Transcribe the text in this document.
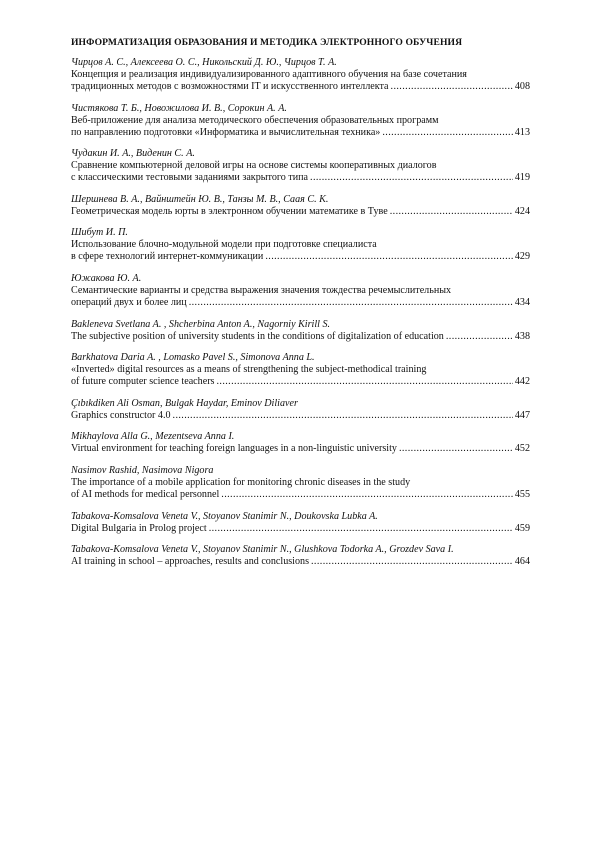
ИНФОРМАТИЗАЦИЯ ОБРАЗОВАНИЯ И МЕТОДИКА ЭЛЕКТРОННОГО ОБУЧЕНИЯ
Чирцов А. С., Алексеева О. С., Никольский Д. Ю., Чирцов Т. А.
Концепция и реализация индивидуализированного адаптивного обучения на базе сочетания
традиционных методов с возможностями IT и искусственного интеллекта .....	408
Чистякова Т. Б., Новожилова И. В., Сорокин А. А.
Веб-приложение для анализа методического обеспечения образовательных программ
по направлению подготовки «Информатика и вычислительная техника» .....	413
Чудакин И. А., Виденин С. А.
Сравнение компьютерной деловой игры на основе системы кооперативных диалогов
с классическими тестовыми заданиями закрытого типа .....	419
Шершнева В. А., Вайнштейн Ю. В., Танзы М. В., Саая С. К.
Геометрическая модель юрты в электронном обучении математике в Туве .....	424
Шибут И. П.
Использование блочно-модульной модели при подготовке специалиста
в сфере технологий интернет-коммуникации .....	429
Южакова Ю. А.
Семантические варианты и средства выражения значения тождества речемыслительных
операций двух и более лиц .....	434
Bakleneva Svetlana A. , Shcherbina Anton A., Nagorniy Kirill S.
The subjective position of university students in the conditions of digitalization of education .....	438
Barkhatova Daria A. , Lomasko Pavel S., Simonova Anna L.
«Inverted» digital resources as a means of strengthening the subject-methodical training
of future computer science teachers .....	442
Çıbıkdiken Ali Osman, Bulgak Haydar, Eminov Diliaver
Graphics constructor 4.0 .....	447
Mikhaylova Alla G., Mezentseva Anna I.
Virtual environment for teaching foreign languages in a non-linguistic university .....	452
Nasimov Rashid, Nasimova Nigora
The importance of a mobile application for monitoring chronic diseases in the study
of AI methods for medical personnel .....	455
Tabakova-Komsalova Veneta V., Stoyanov Stanimir N., Doukovska Lubka A.
Digital Bulgaria in Prolog project .....	459
Tabakova-Komsalova Veneta V., Stoyanov Stanimir N., Glushkova Todorka A., Grozdev Sava I.
AI training in school – approaches, results and conclusions .....	464
